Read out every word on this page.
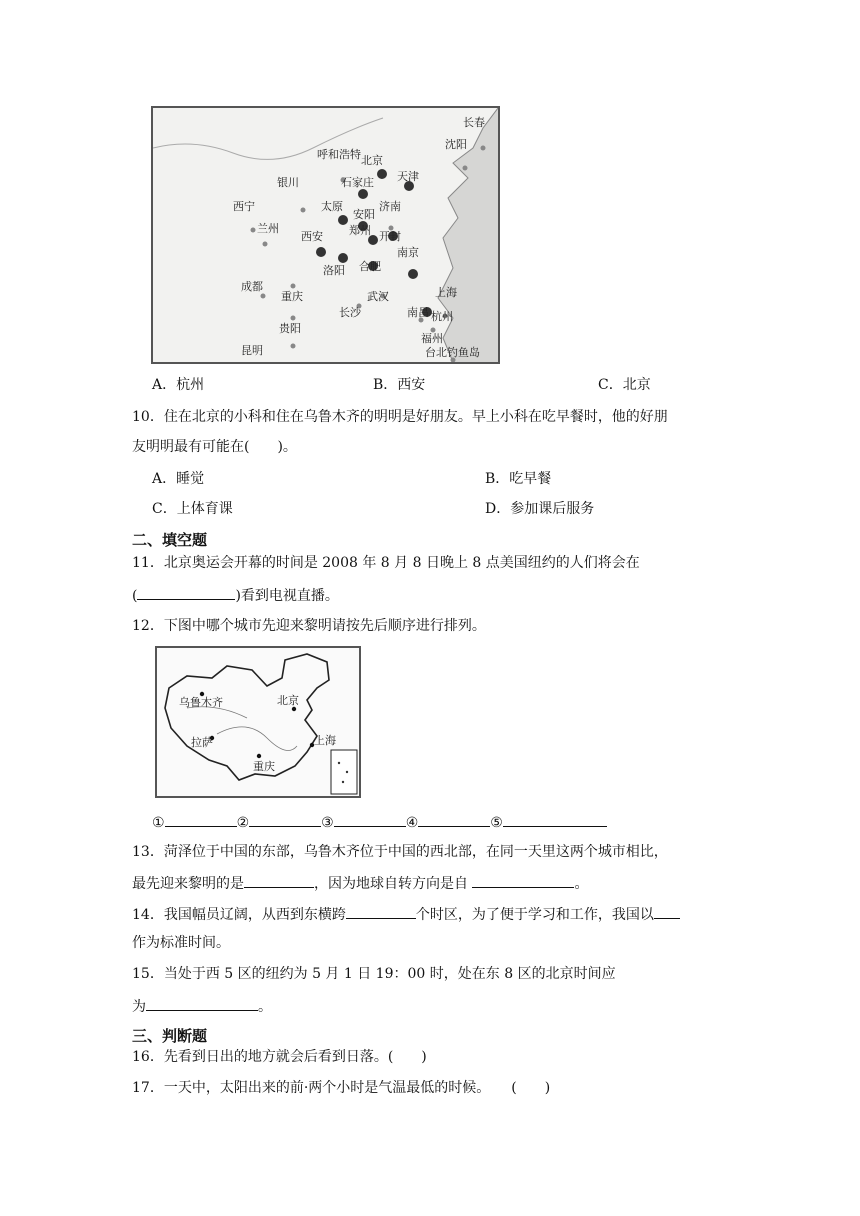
长春
沈阳
呼和浩特 北京
天津
银川	石家庄
西宁	太原	济南
安阳
兰州
西安 郑州 开封
南京
洛阳 合肥
成都
重庆	武汉	上海
长沙	南昌 杭州
贵阳
福州
昆明	台北钓鱼岛
A．杭州	B．西安	C．北京
10．住在北京的小科和住在乌鲁木齐的明明是好朋友。早上小科在吃早餐时，他的好朋
友明明最有可能在(　　)。
A．睡觉	B．吃早餐
C．上体育课	D．参加课后服务
二、填空题
11．北京奥运会开幕的时间是 2008 年 8 月 8 日晚上 8 点美国纽约的人们将会在
(	)看到电视直播。
12．下图中哪个城市先迎来黎明请按先后顺序进行排列。
乌鲁木齐	北京
拉萨	上海
重庆
①	②	③	④	⑤
13．菏泽位于中国的东部，乌鲁木齐位于中国的西北部，在同一天里这两个城市相比，
最先迎来黎明的是	，因为地球自转方向是自	。
14．我国幅员辽阔，从西到东横跨	个时区，为了便于学习和工作，我国以
作为标准时间。
15．当处于西 5 区的纽约为 5 月 1 日 19：00 时，处在东 8 区的北京时间应
为	。
三、判断题
16．先看到日出的地方就会后看到日落。(　　)
17．一天中，太阳出来的前·两个小时是气温最低的时候。　　(　　)
